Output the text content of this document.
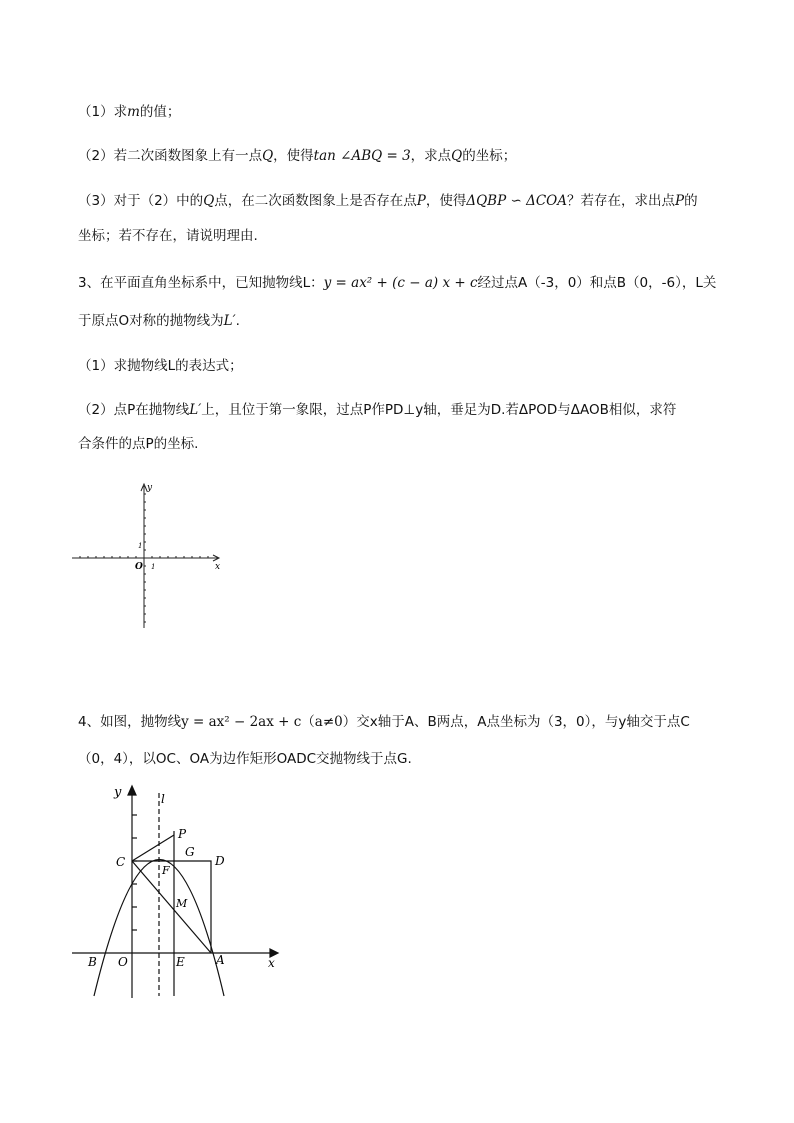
（1）求m的值；
（2）若二次函数图象上有一点Q，使得tan ∠ABQ = 3，求点Q的坐标；
（3）对于（2）中的Q点，在二次函数图象上是否存在点P，使得ΔQBP ∽ ΔCOA？若存在，求出点P的
坐标；若不存在，请说明理由.
3、在平面直角坐标系中，已知抛物线L：y = ax² + (c − a) x + c经过点A（-3，0）和点B（0，-6），L关
于原点O对称的抛物线为L′.
（1）求抛物线L的表达式；
（2）点P在抛物线L′上，且位于第一象限，过点P作PD⊥y轴，垂足为D.若ΔPOD与ΔAOB相似，求符
合条件的点P的坐标.
y
x
O 1
1
4、如图，抛物线y = ax² − 2ax + c（a≠0）交x轴于A、B两点，A点坐标为（3，0），与y轴交于点C
（0，4），以OC、OA为边作矩形OADC交抛物线于点G.
y	l
P
G
D
C
F
M
B O	E	A	x
